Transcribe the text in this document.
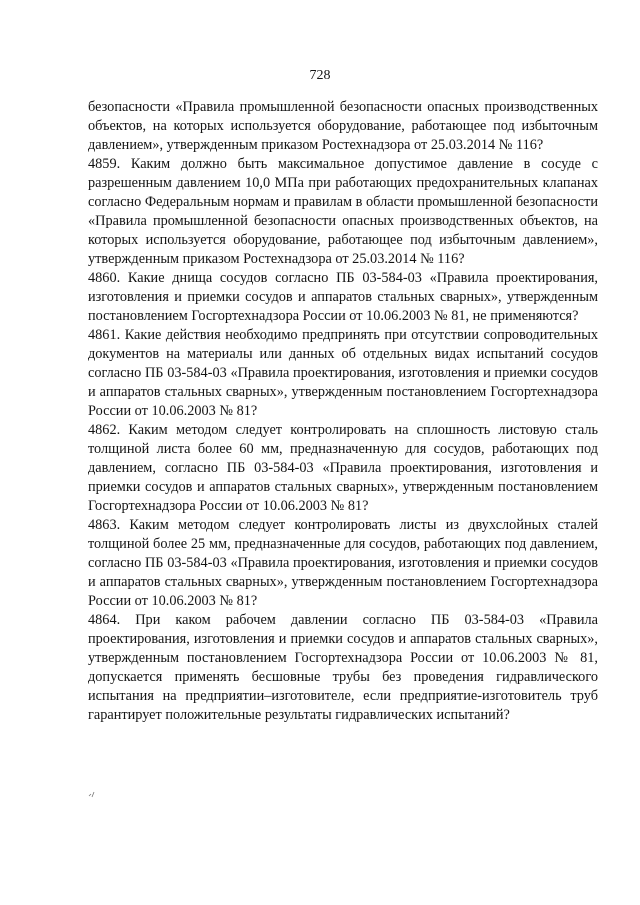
728

безопасности «Правила промышленной безопасности опасных производственных объектов, на которых используется оборудование, работающее под избыточным давлением», утвержденным приказом Ростехнадзора от 25.03.2014 № 116?

4859. Каким должно быть максимальное допустимое давление в сосуде с разрешенным давлением 10,0 МПа при работающих предохранительных клапанах согласно Федеральным нормам и правилам в области промышленной безопасности «Правила промышленной безопасности опасных производственных объектов, на которых используется оборудование, работающее под избыточным давлением», утвержденным приказом Ростехнадзора от 25.03.2014 № 116?

4860. Какие днища сосудов согласно ПБ 03-584-03 «Правила проектирования, изготовления и приемки сосудов и аппаратов стальных сварных», утвержденным постановлением Госгортехнадзора России от 10.06.2003 № 81, не применяются?

4861. Какие действия необходимо предпринять при отсутствии сопроводительных документов на материалы или данных об отдельных видах испытаний сосудов согласно ПБ 03-584-03 «Правила проектирования, изготовления и приемки сосудов и аппаратов стальных сварных», утвержденным постановлением Госгортехнадзора России от 10.06.2003 № 81?

4862. Каким методом следует контролировать на сплошность листовую сталь толщиной листа более 60 мм, предназначенную для сосудов, работающих под давлением, согласно ПБ 03-584-03 «Правила проектирования, изготовления и приемки сосудов и аппаратов стальных сварных», утвержденным постановлением Госгортехнадзора России от 10.06.2003 № 81?

4863. Каким методом следует контролировать листы из двухслойных сталей толщиной более 25 мм, предназначенные для сосудов, работающих под давлением, согласно ПБ 03-584-03 «Правила проектирования, изготовления и приемки сосудов и аппаратов стальных сварных», утвержденным постановлением Госгортехнадзора России от 10.06.2003 № 81?

4864. При каком рабочем давлении согласно ПБ 03-584-03 «Правила проектирования, изготовления и приемки сосудов и аппаратов стальных сварных», утвержденным постановлением Госгортехнадзора России от 10.06.2003 № 81, допускается применять бесшовные трубы без проведения гидравлического испытания на предприятии–изготовителе, если предприятие-изготовитель труб гарантирует положительные результаты гидравлических испытаний?
